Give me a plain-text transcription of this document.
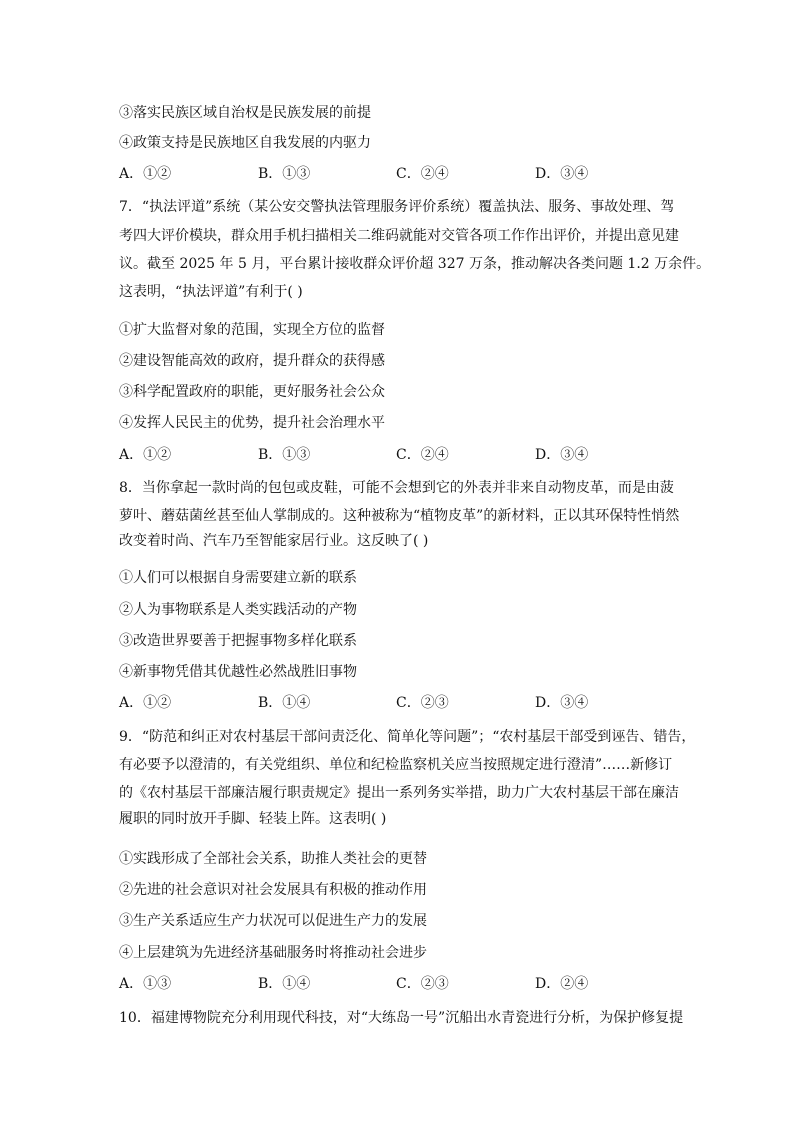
③落实民族区域自治权是民族发展的前提
④政策支持是民族地区自我发展的内驱力
A．①②	B．①③	C．②④	D．③④
7．“执法评道”系统（某公安交警执法管理服务评价系统）覆盖执法、服务、事故处理、驾
考四大评价模块，群众用手机扫描相关二维码就能对交管各项工作作出评价，并提出意见建
议。截至 2025 年 5 月，平台累计接收群众评价超 327 万条，推动解决各类问题 1.2 万余件。
这表明，“执法评道”有利于( )
①扩大监督对象的范围，实现全方位的监督
②建设智能高效的政府，提升群众的获得感
③科学配置政府的职能，更好服务社会公众
④发挥人民民主的优势，提升社会治理水平
A．①②	B．①③	C．②④	D．③④
8．当你拿起一款时尚的包包或皮鞋，可能不会想到它的外表并非来自动物皮革，而是由菠
萝叶、蘑菇菌丝甚至仙人掌制成的。这种被称为“植物皮革”的新材料，正以其环保特性悄然
改变着时尚、汽车乃至智能家居行业。这反映了( )
①人们可以根据自身需要建立新的联系
②人为事物联系是人类实践活动的产物
③改造世界要善于把握事物多样化联系
④新事物凭借其优越性必然战胜旧事物
A．①②	B．①④	C．②③	D．③④
9．“防范和纠正对农村基层干部问责泛化、简单化等问题”；“农村基层干部受到诬告、错告，
有必要予以澄清的，有关党组织、单位和纪检监察机关应当按照规定进行澄清”……新修订
的《农村基层干部廉洁履行职责规定》提出一系列务实举措，助力广大农村基层干部在廉洁
履职的同时放开手脚、轻装上阵。这表明( )
①实践形成了全部社会关系，助推人类社会的更替
②先进的社会意识对社会发展具有积极的推动作用
③生产关系适应生产力状况可以促进生产力的发展
④上层建筑为先进经济基础服务时将推动社会进步
A．①③	B．①④	C．②③	D．②④
10．福建博物院充分利用现代科技，对“大练岛一号”沉船出水青瓷进行分析，为保护修复提
